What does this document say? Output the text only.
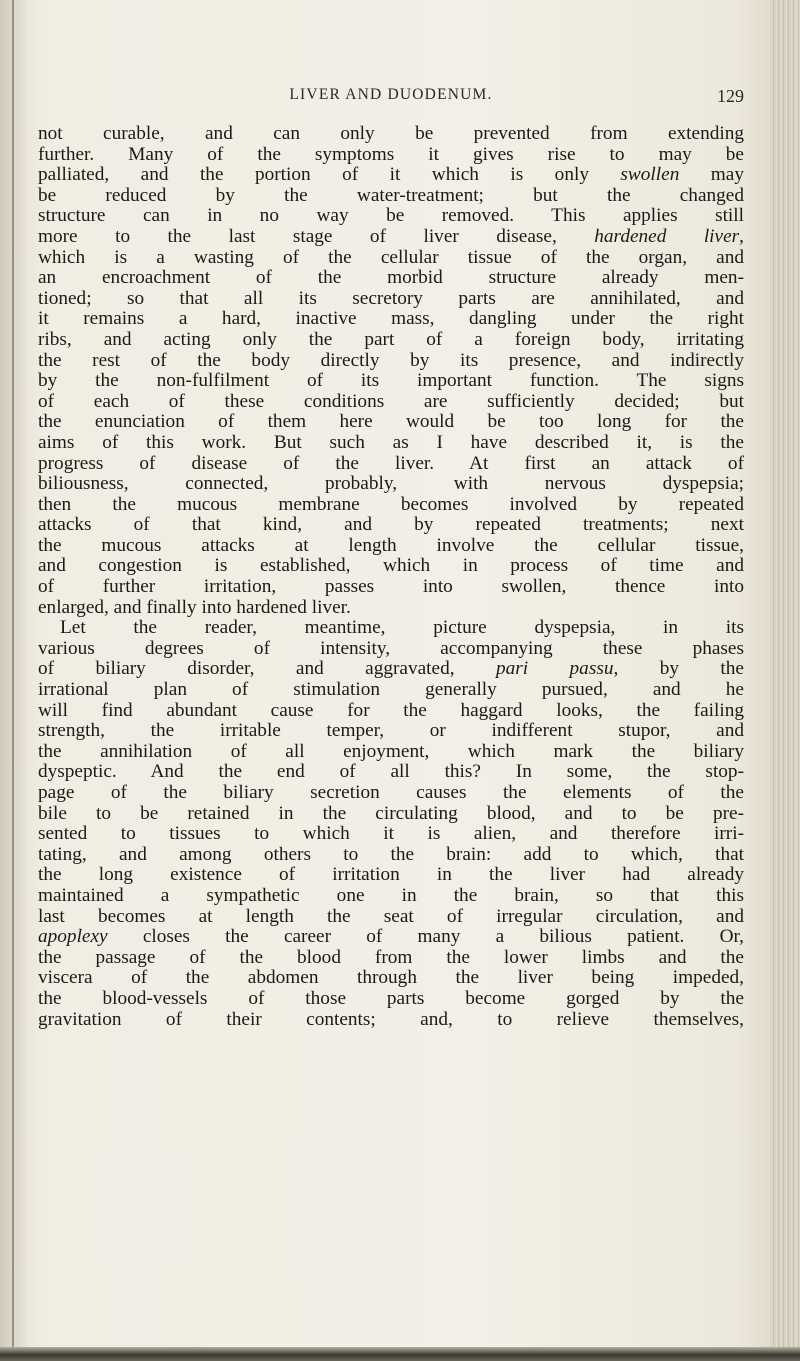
LIVER AND DUODENUM.	129
not curable, and can only be prevented from extending
further. Many of the symptoms it gives rise to may be
palliated, and the portion of it which is only swollen may
be reduced by the water-treatment; but the changed
structure can in no way be removed. This applies still
more to the last stage of liver disease, hardened liver,
which is a wasting of the cellular tissue of the organ, and
an encroachment of the morbid structure already men-
tioned; so that all its secretory parts are annihilated, and
it remains a hard, inactive mass, dangling under the right
ribs, and acting only the part of a foreign body, irritating
the rest of the body directly by its presence, and indirectly
by the non-fulfilment of its important function. The signs
of each of these conditions are sufficiently decided; but
the enunciation of them here would be too long for the
aims of this work. But such as I have described it, is the
progress of disease of the liver. At first an attack of
biliousness, connected, probably, with nervous dyspepsia;
then the mucous membrane becomes involved by repeated
attacks of that kind, and by repeated treatments; next
the mucous attacks at length involve the cellular tissue,
and congestion is established, which in process of time and
of further irritation, passes into swollen, thence into
enlarged, and finally into hardened liver.
Let the reader, meantime, picture dyspepsia, in its
various degrees of intensity, accompanying these phases
of biliary disorder, and aggravated, pari passu, by the
irrational plan of stimulation generally pursued, and he
will find abundant cause for the haggard looks, the failing
strength, the irritable temper, or indifferent stupor, and
the annihilation of all enjoyment, which mark the biliary
dyspeptic. And the end of all this? In some, the stop-
page of the biliary secretion causes the elements of the
bile to be retained in the circulating blood, and to be pre-
sented to tissues to which it is alien, and therefore irri-
tating, and among others to the brain: add to which, that
the long existence of irritation in the liver had already
maintained a sympathetic one in the brain, so that this
last becomes at length the seat of irregular circulation, and
apoplexy closes the career of many a bilious patient. Or,
the passage of the blood from the lower limbs and the
viscera of the abdomen through the liver being impeded,
the blood-vessels of those parts become gorged by the
gravitation of their contents; and, to relieve themselves,
